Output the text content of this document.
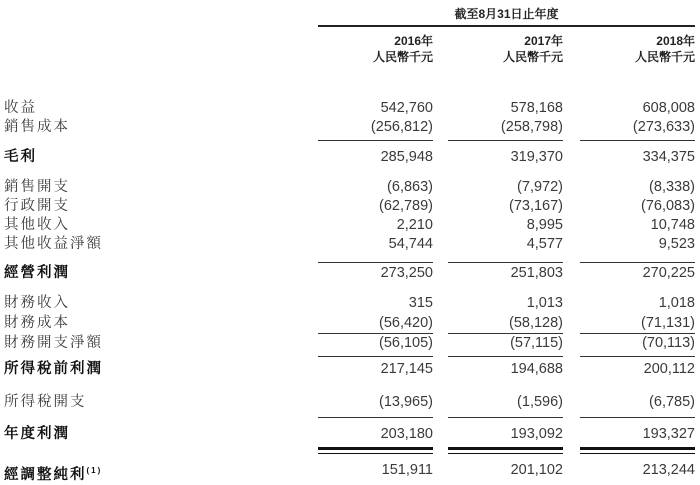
截至8月31日止年度
2016年
人民幣千元
2017年
人民幣千元
2018年
人民幣千元
收益	542,760	578,168	608,008
銷售成本	(256,812)	(258,798)	(273,633)
毛利	285,948	319,370	334,375
銷售開支	(6,863)	(7,972)	(8,338)
行政開支	(62,789)	(73,167)	(76,083)
其他收入	2,210	8,995	10,748
其他收益淨額	54,744	4,577	9,523
經營利潤	273,250	251,803	270,225
財務收入	315	1,013	1,018
財務成本	(56,420)	(58,128)	(71,131)
財務開支淨額	(56,105)	(57,115)	(70,113)
所得稅前利潤	217,145	194,688	200,112
所得稅開支	(13,965)	(1,596)	(6,785)
年度利潤	203,180	193,092	193,327
經調整純利$^{(1)}$	151,911	201,102	213,244
